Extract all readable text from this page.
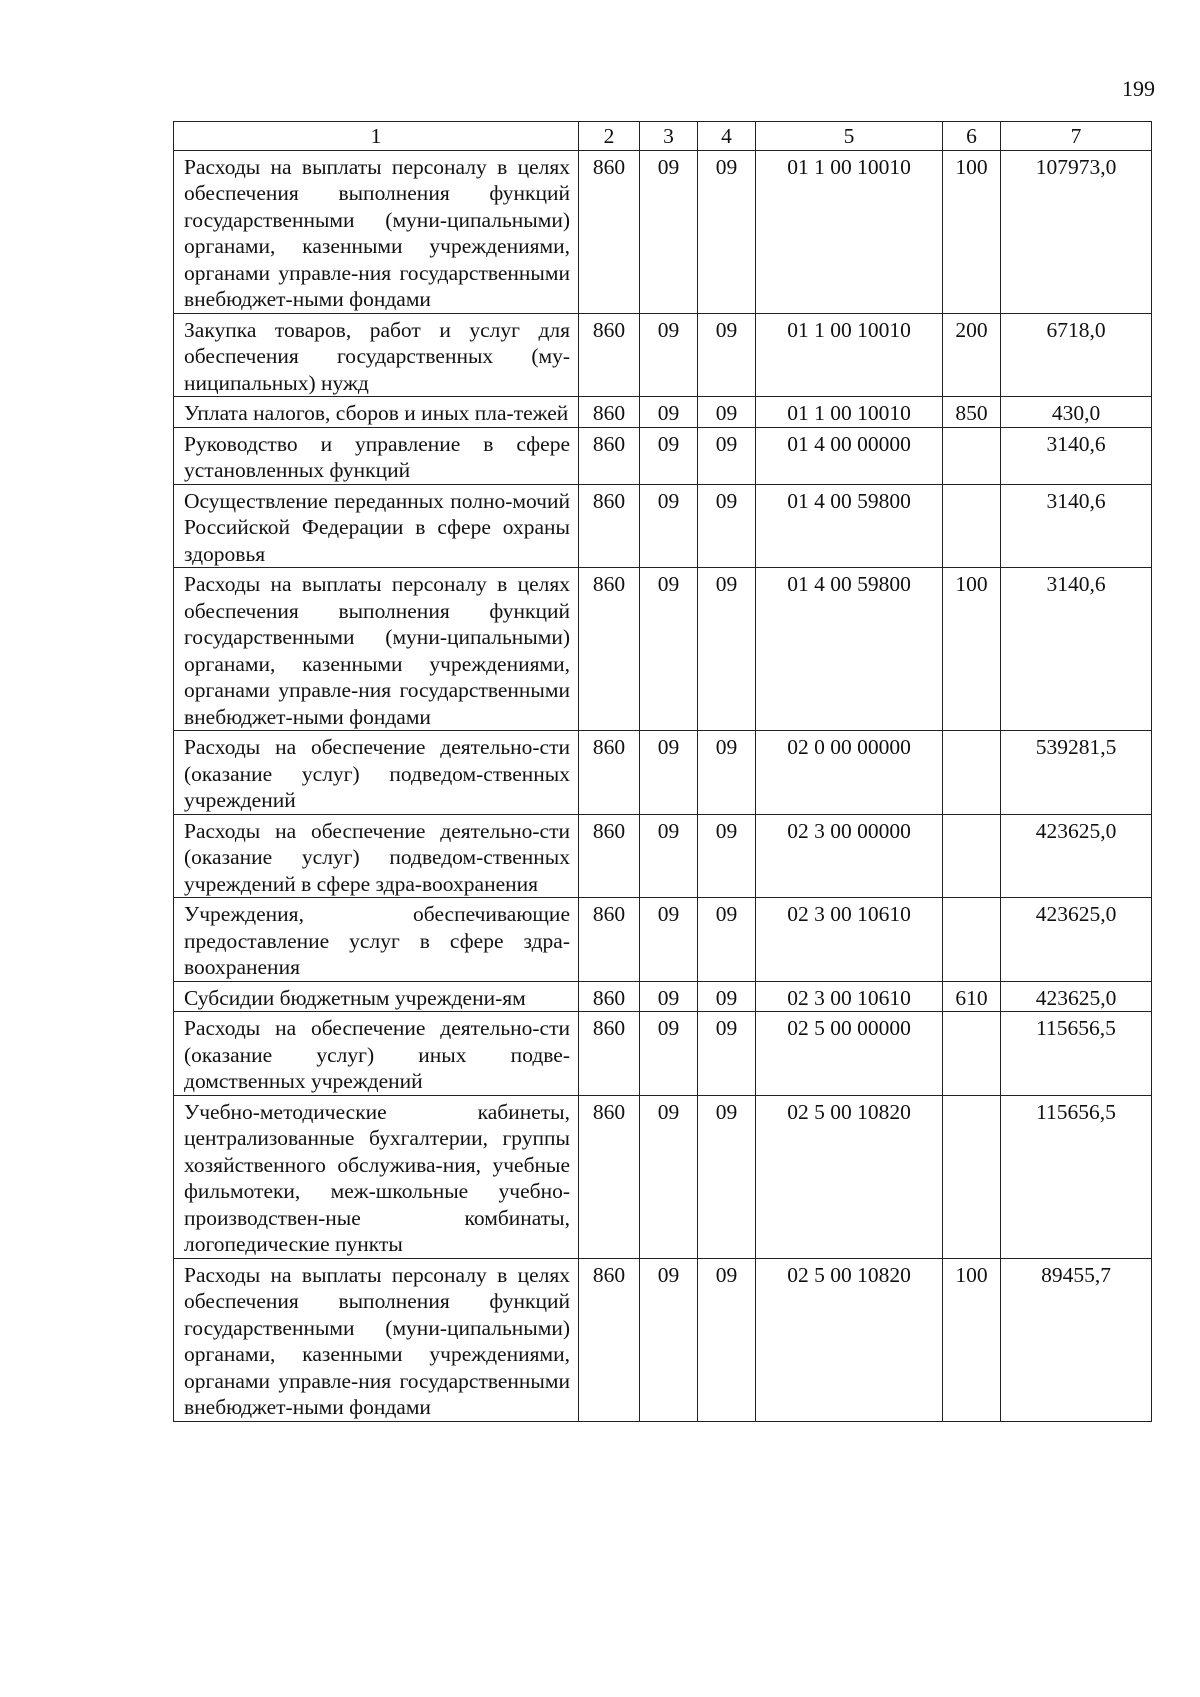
199
1	2	3	4	5	6	7
Расходы на выплаты персоналу в целях обеспечения выполнения функций государственными (муни-ципальными) органами, казенными учреждениями, органами управле-ния государственными внебюджет-ными фондами	860	09	09	01 1 00 10010	100	107973,0
Закупка товаров, работ и услуг для обеспечения государственных (му-ниципальных) нужд	860	09	09	01 1 00 10010	200	6718,0
Уплата налогов, сборов и иных пла-тежей	860	09	09	01 1 00 10010	850	430,0
Руководство и управление в сфере установленных функций	860	09	09	01 4 00 00000		3140,6
Осуществление переданных полно-мочий Российской Федерации в сфере охраны здоровья	860	09	09	01 4 00 59800		3140,6
Расходы на выплаты персоналу в целях обеспечения выполнения функций государственными (муни-ципальными) органами, казенными учреждениями, органами управле-ния государственными внебюджет-ными фондами	860	09	09	01 4 00 59800	100	3140,6
Расходы на обеспечение деятельно-сти (оказание услуг) подведом-ственных учреждений	860	09	09	02 0 00 00000		539281,5
Расходы на обеспечение деятельно-сти (оказание услуг) подведом-ственных учреждений в сфере здра-воохранения	860	09	09	02 3 00 00000		423625,0
Учреждения, обеспечивающие предоставление услуг в сфере здра-воохранения	860	09	09	02 3 00 10610		423625,0
Субсидии бюджетным учреждени-ям	860	09	09	02 3 00 10610	610	423625,0
Расходы на обеспечение деятельно-сти (оказание услуг) иных подве-домственных учреждений	860	09	09	02 5 00 00000		115656,5
Учебно-методические кабинеты, централизованные бухгалтерии, группы хозяйственного обслужива-ния, учебные фильмотеки, меж-школьные учебно-производствен-ные комбинаты, логопедические пункты	860	09	09	02 5 00 10820		115656,5
Расходы на выплаты персоналу в целях обеспечения выполнения функций государственными (муни-ципальными) органами, казенными учреждениями, органами управле-ния государственными внебюджет-ными фондами	860	09	09	02 5 00 10820	100	89455,7
